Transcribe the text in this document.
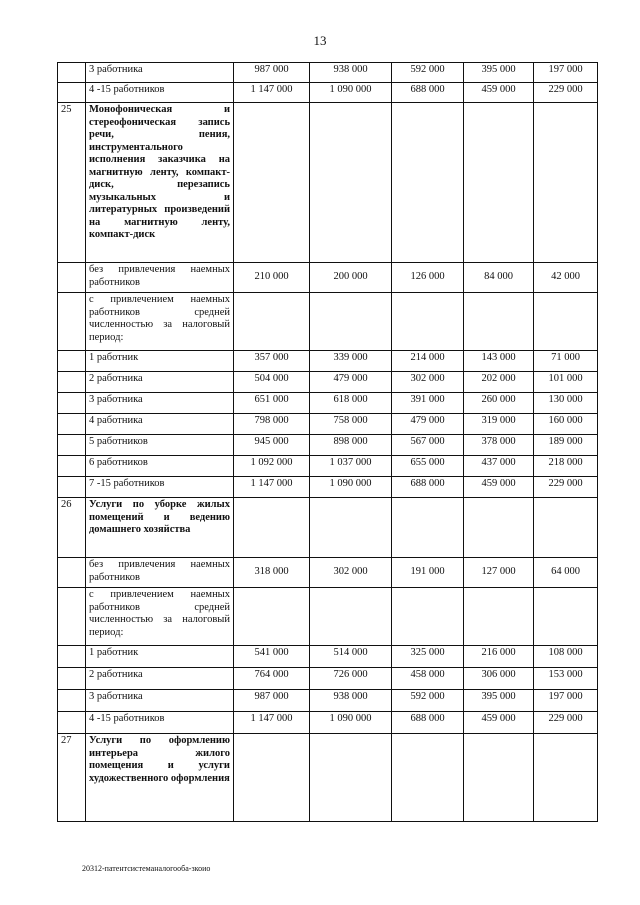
13
	3 работника	987 000	938 000	592 000	395 000	197 000
	4 -15 работников	1 147 000	1 090 000	688 000	459 000	229 000
25	Монофоническая и стереофоническая запись речи, пения, инструментального исполнения заказчика на магнитную ленту, компакт-диск, перезапись музыкальных и литературных произведений на магнитную ленту, компакт-диск					
	без привлечения наемных работников	210 000	200 000	126 000	84 000	42 000
	с привлечением наемных работников средней численностью за налоговый период:					
	1 работник	357 000	339 000	214 000	143 000	71 000
	2 работника	504 000	479 000	302 000	202 000	101 000
	3 работника	651 000	618 000	391 000	260 000	130 000
	4 работника	798 000	758 000	479 000	319 000	160 000
	5 работников	945 000	898 000	567 000	378 000	189 000
	6 работников	1 092 000	1 037 000	655 000	437 000	218 000
	7 -15 работников	1 147 000	1 090 000	688 000	459 000	229 000
26	Услуги по уборке жилых помещений и ведению домашнего хозяйства					
	без привлечения наемных работников	318 000	302 000	191 000	127 000	64 000
	с привлечением наемных работников средней численностью за налоговый период:					
	1 работник	541 000	514 000	325 000	216 000	108 000
	2 работника	764 000	726 000	458 000	306 000	153 000
	3 работника	987 000	938 000	592 000	395 000	197 000
	4 -15 работников	1 147 000	1 090 000	688 000	459 000	229 000
27	Услуги по оформлению интерьера жилого помещения и услуги художественного оформления					
20312-патентсистеманалогооба-зкоио
